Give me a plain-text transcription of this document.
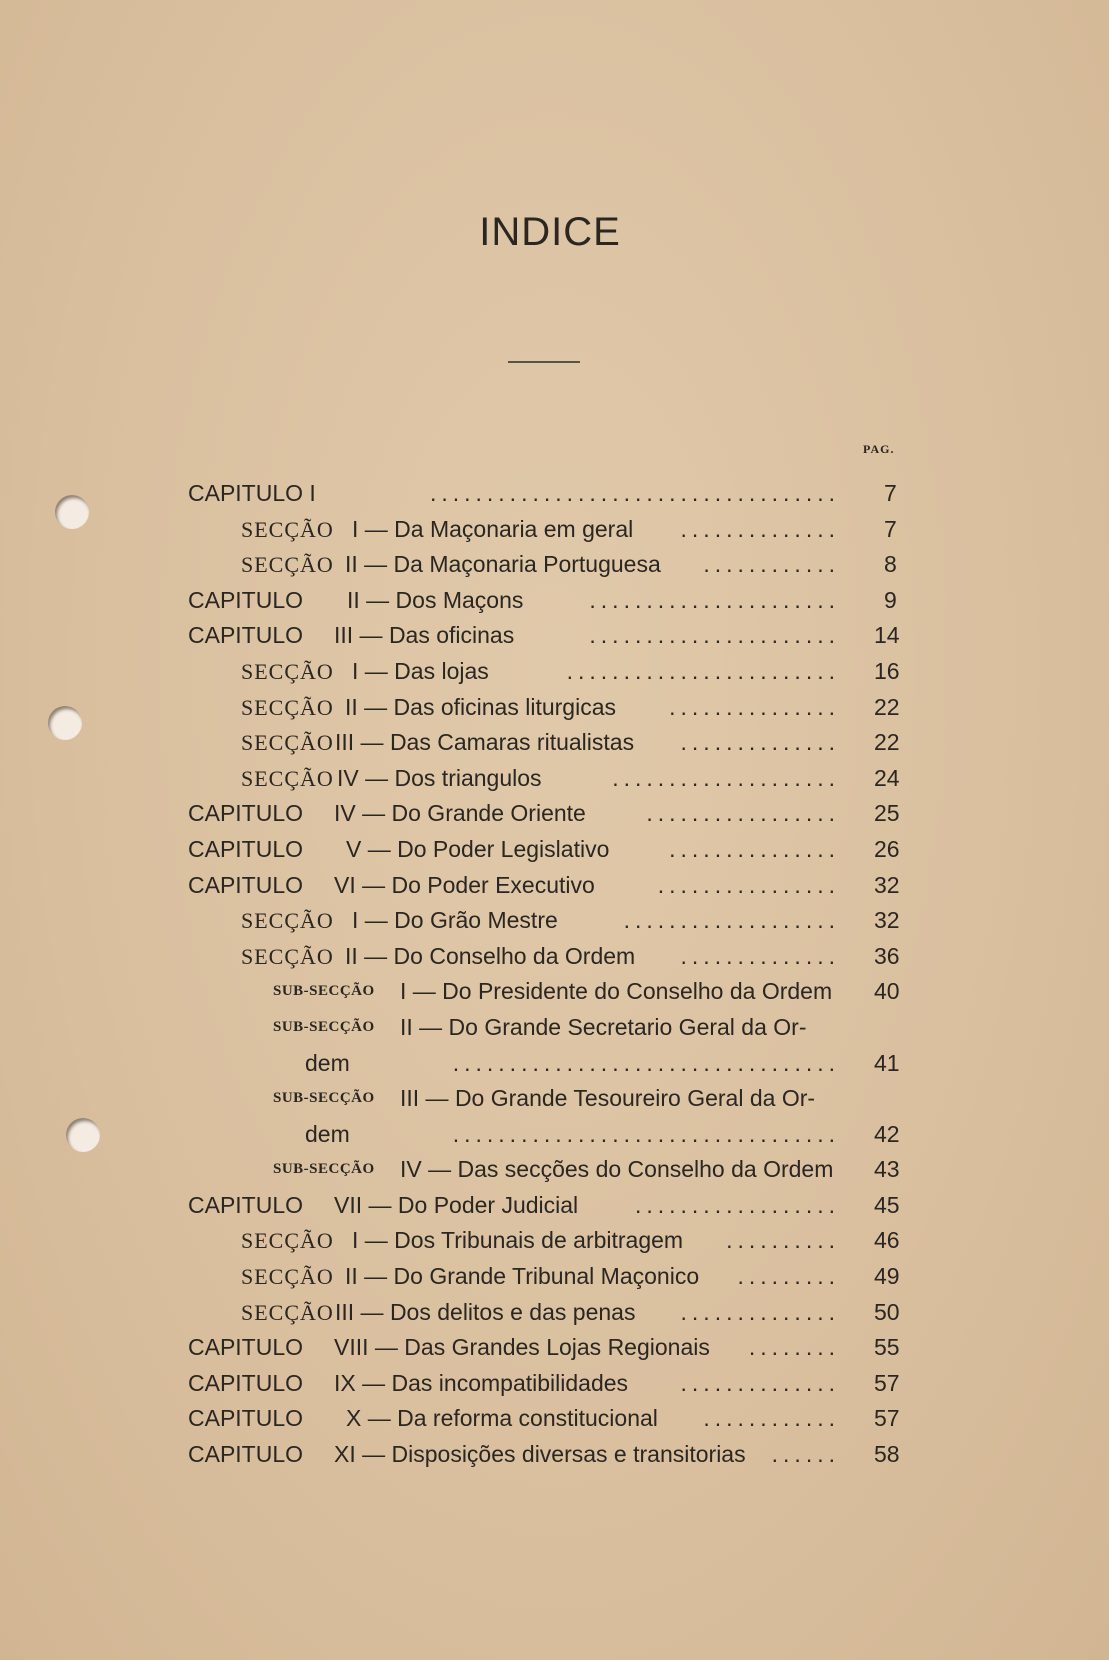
INDICE
PAG.
CAPITULO I	.................................... 7
SECÇÃO I — Da Maçonaria em geral .............. 7
SECÇÃO II — Da Maçonaria Portuguesa ............ 8
CAPITULO II — Dos Maçons	...................... 9
CAPITULO III — Das oficinas	...................... 14
SECÇÃO I — Das lojas	........................ 16
SECÇÃO II — Das oficinas liturgicas ............... 22
SECÇÃO III — Das Camaras ritualistas .............. 22
SECÇÃO IV — Dos triangulos	.................... 24
CAPITULO IV — Do Grande Oriente	................. 25
CAPITULO V — Do Poder Legislativo	............... 26
CAPITULO VI — Do Poder Executivo	................ 32
SECÇÃO I — Do Grão Mestre	................... 32
SECÇÃO II — Do Conselho da Ordem .............. 36
SUB-SECÇÃO I — Do Presidente do Conselho da Ordem 40
SUB-SECÇÃO II — Do Grande Secretario Geral da Or-
dem	.................................. 41
SUB-SECÇÃO III — Do Grande Tesoureiro Geral da Or-
dem	.................................. 42
SUB-SECÇÃO IV — Das secções do Conselho da Ordem 43
CAPITULO VII — Do Poder Judicial .................. 45
SECÇÃO I — Dos Tribunais de arbitragem .......... 46
SECÇÃO II — Do Grande Tribunal Maçonico ......... 49
SECÇÃO III — Dos delitos e das penas .............. 50
CAPITULO VIII — Das Grandes Lojas Regionais ........ 55
CAPITULO IX — Das incompatibilidades .............. 57
CAPITULO X — Da reforma constitucional ............ 57
CAPITULO XI — Disposições diversas e transitorias ...... 58
